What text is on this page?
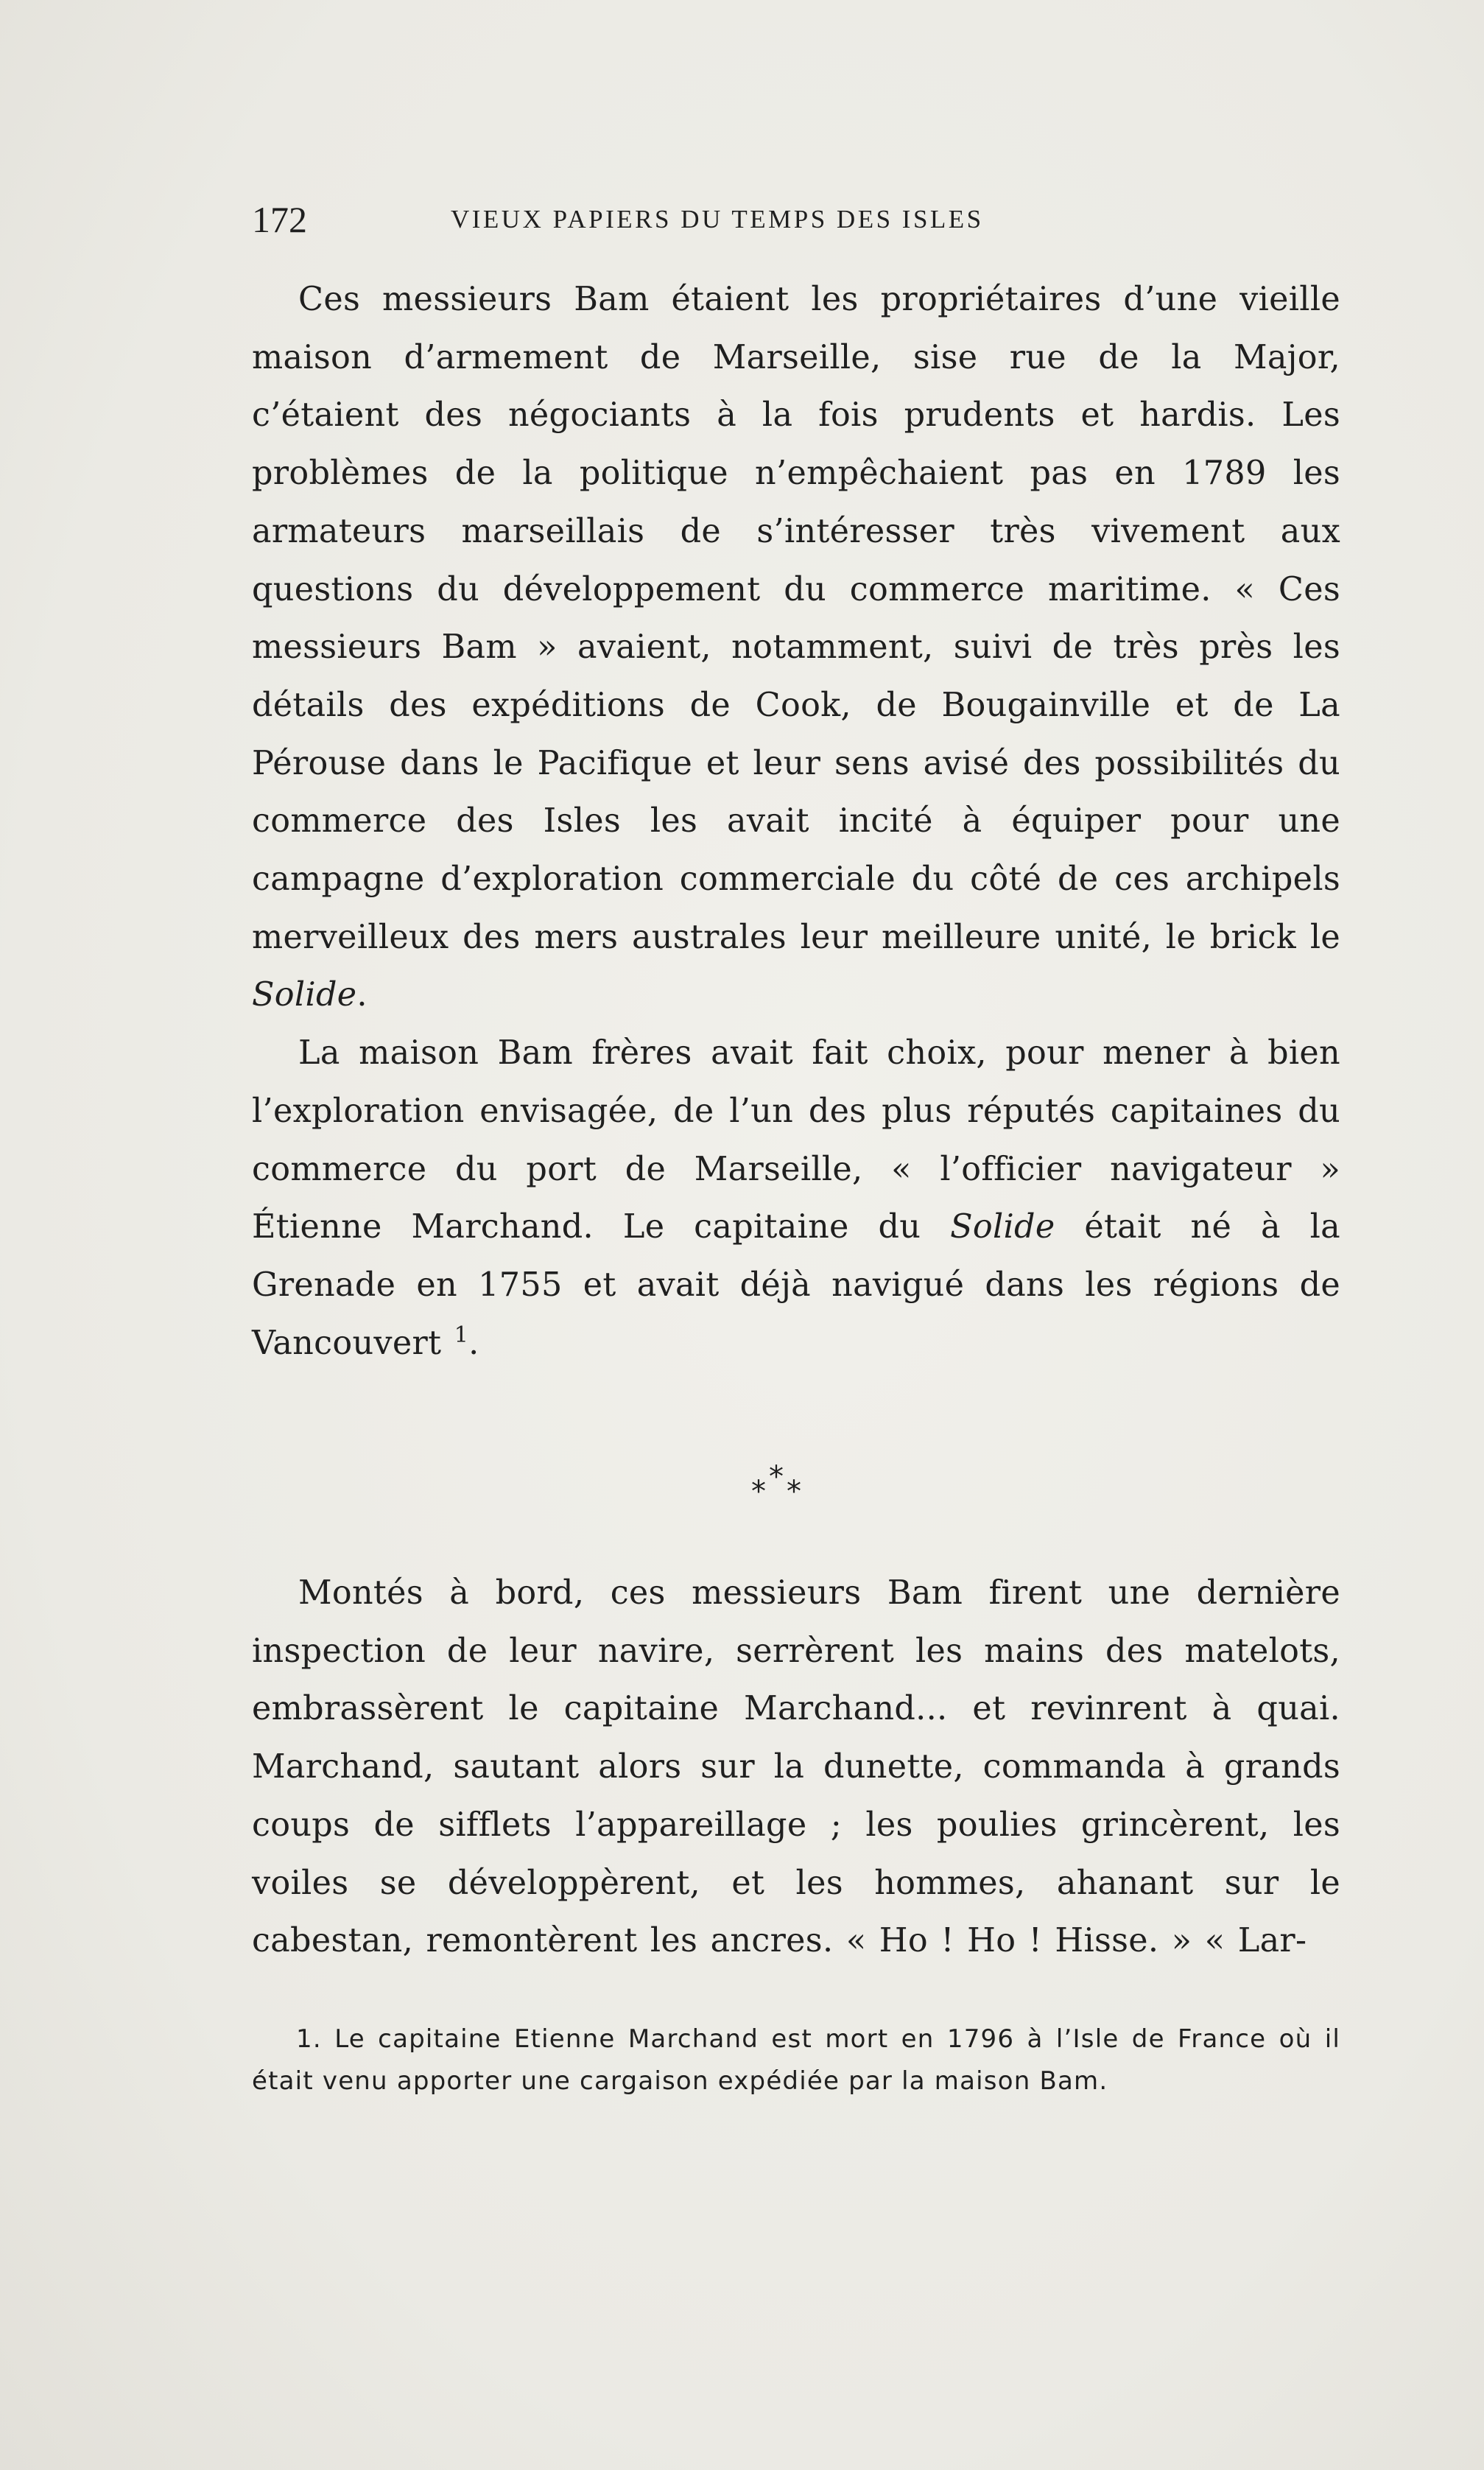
172	VIEUX PAPIERS DU TEMPS DES ISLES

Ces messieurs Bam étaient les propriétaires d’une vieille maison d’armement de Marseille, sise rue de la Major, c’étaient des négociants à la fois prudents et hardis. Les problèmes de la politique n’empêchaient pas en 1789 les armateurs marseillais de s’intéresser très vivement aux questions du développement du commerce maritime. « Ces messieurs Bam » avaient, notamment, suivi de très près les détails des expéditions de Cook, de Bougainville et de La Pérouse dans le Pacifique et leur sens avisé des possibilités du commerce des Isles les avait incité à équiper pour une campagne d’exploration commerciale du côté de ces archipels merveilleux des mers australes leur meilleure unité, le brick le Solide.

La maison Bam frères avait fait choix, pour mener à bien l’exploration envisagée, de l’un des plus réputés capitaines du commerce du port de Marseille, « l’officier navigateur » Étienne Marchand. Le capitaine du Solide était né à la Grenade en 1755 et avait déjà navigué dans les régions de Vancouvert $^1$.

*
* *

Montés à bord, ces messieurs Bam firent une dernière inspection de leur navire, serrèrent les mains des matelots, embrassèrent le capitaine Marchand... et revinrent à quai. Marchand, sautant alors sur la dunette, commanda à grands coups de sifflets l’appareillage ; les poulies grincèrent, les voiles se développèrent, et les hommes, ahanant sur le cabestan, remontèrent les ancres. « Ho ! Ho ! Hisse. » « Lar-

1. Le capitaine Etienne Marchand est mort en 1796 à l’Isle de France où il était venu apporter une cargaison expédiée par la maison Bam.
